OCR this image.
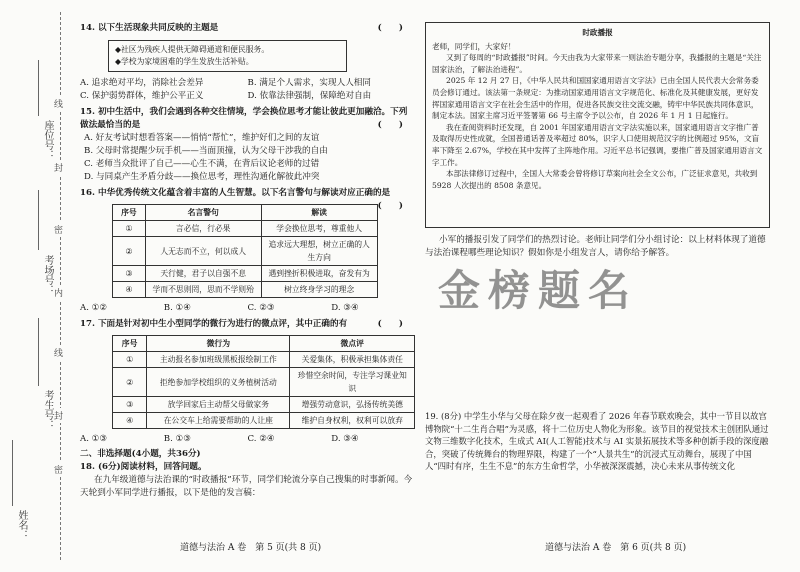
座位号：
考场号：
考生号：
姓名：
线
封
密
内
线
封
密
14. 以下生活现象共同反映的主题是	(　　)
◆社区为残疾人提供无障碍通道和便民服务。
◆学校为家境困难的学生发放生活补贴。
A. 追求绝对平均，消除社会差异	B. 满足个人需求，实现人人相同
C. 保护弱势群体，维护公平正义	D. 依靠法律强制，保障绝对自由
15. 初中生活中，我们会遇到各种交往情境，学会换位思考才能让彼此更加融洽。下列做法最恰当的是	(　　)
A. 好友考试时想看答案——悄悄“帮忙”，维护好们之间的友谊
B. 父母时常提醒少玩手机——当面顶撞，认为父母干涉我的自由
C. 老师当众批评了自己——心生不满，在背后议论老师的过错
D. 与同桌产生矛盾分歧——换位思考，理性沟通化解彼此冲突
16. 中华优秀传统文化蕴含着丰富的人生智慧。以下名言警句与解读对应正确的是
(　　)
序号	名言警句	解读
①	言必信，行必果	学会换位思考，尊重他人
②	人无志而不立，何以成人	追求远大理想，树立正确的人生方向
③	天行健，君子以自强不息	遇到挫折积极进取，奋发有为
④	学而不思则罔，思而不学则殆	树立终身学习的理念
A. ①②	B. ①④	C. ②③	D. ③④
17. 下面是针对初中生小型同学的微行为进行的微点评，其中正确的有	(　　)
序号	微行为	微点评
①	主动报名参加班级黑板报绘制工作	关爱集体，积极承担集体责任
②	拒绝参加学校组织的义务植树活动	珍惜空余时间，专注学习课业知识
③	放学回家后主动帮父母做家务	增强劳动意识，弘扬传统美德
④	在公交车上给需要帮助的人让座	维护自身权利，权利可以放弃
A. ①③	B. ①③	C. ②④	D. ③④
二、非选择题(4小题，共36分)
18. (6分)阅读材料，回答问题。

在九年级道德与法治课的“时政播报”环节，同学们轮流分享自己搜集的时事新闻。今天轮到小军同学进行播报，以下是他的发言稿：

道德与法治 A 卷　第 5 页(共 8 页)
时政播报

老师，同学们，大家好！

又到了每周的“时政播报”时间。今天由我为大家带来一则法治专题分享，我播报的主题是“关注国家法治，了解法治进程”。

2025 年 12 月 27 日，《中华人民共和国国家通用语言文字法》已由全国人民代表大会常务委员会修订通过。该法第一条规定：为推动国家通用语言文字规范化、标准化及其健康发展，更好发挥国家通用语言文字在社会生活中的作用，促进各民族交往交流交融，铸牢中华民族共同体意识，制定本法。国家主席习近平签署第 66 号主席令予以公布，自 2026 年 1 月 1 日起施行。

我在查阅资料时还发现，自 2001 年国家通用语言文字法实施以来，国家通用语言文字推广普及取得历史性成就，全国普通话普及率超过 80%，识字人口使用规范汉字的比例超过 95%，文盲率下降至 2.67%，学校在其中发挥了主阵地作用。习近平总书记强调，要推广普及国家通用语言文字工作。

本部法律修订过程中，全国人大常委会曾将修订草案向社会全文公布，广泛征求意见，共收到 5928 人次提出的 8508 条意见。

小军的播报引发了同学们的热烈讨论。老师让同学们分小组讨论：以上材料体现了道德与法治课程哪些理论知识？假如你是小组发言人，请你给予解答。

19. (8分) 中学生小华与父母在除夕夜一起观看了 2026 年春节联欢晚会，其中一节目以故宫博物院“十二生肖合唱”为灵感，将十二位历史人物化为形象。该节目的视觉技术主创团队通过文物三维数字化技术，生成式 AI(人工智能)技术与 AI 实景拓展技术等多种创新手段的深度融合，突破了传统舞台的物理界限，构建了一个“人景共生”的沉浸式互动舞台，展现了中国人“四时有序，生生不息”的东方生命哲学，小华被深深震撼，决心未来从事传统文化

金榜题名
道德与法治 A 卷　第 6 页(共 8 页)
